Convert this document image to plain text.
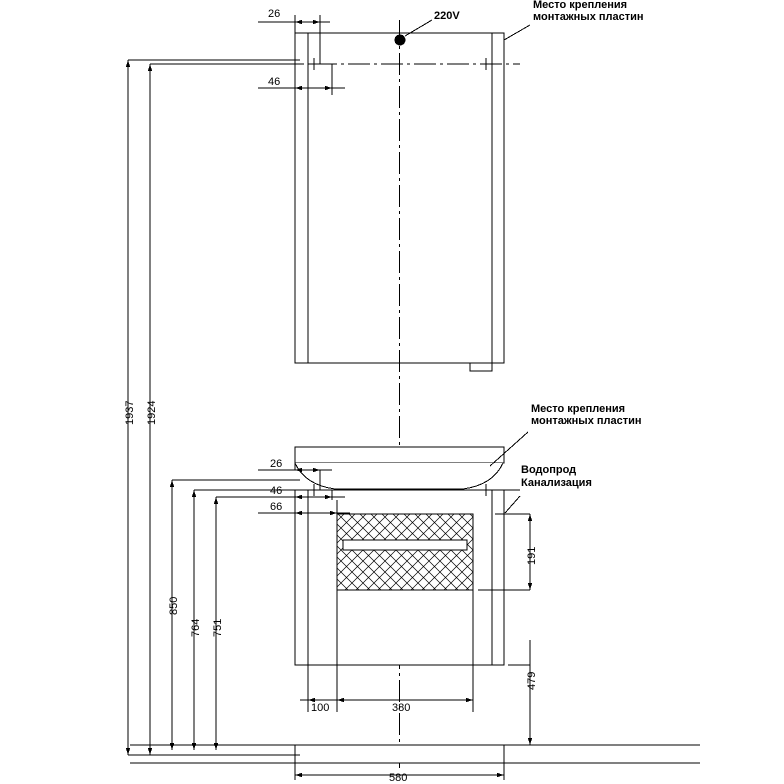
Место крепления
монтажных пластин
220V
26
46
Место крепления
монтажных пластин
Водопрод
Канализация
26
46
66
1937 1924
850
764 751
191
479
100	380
580
